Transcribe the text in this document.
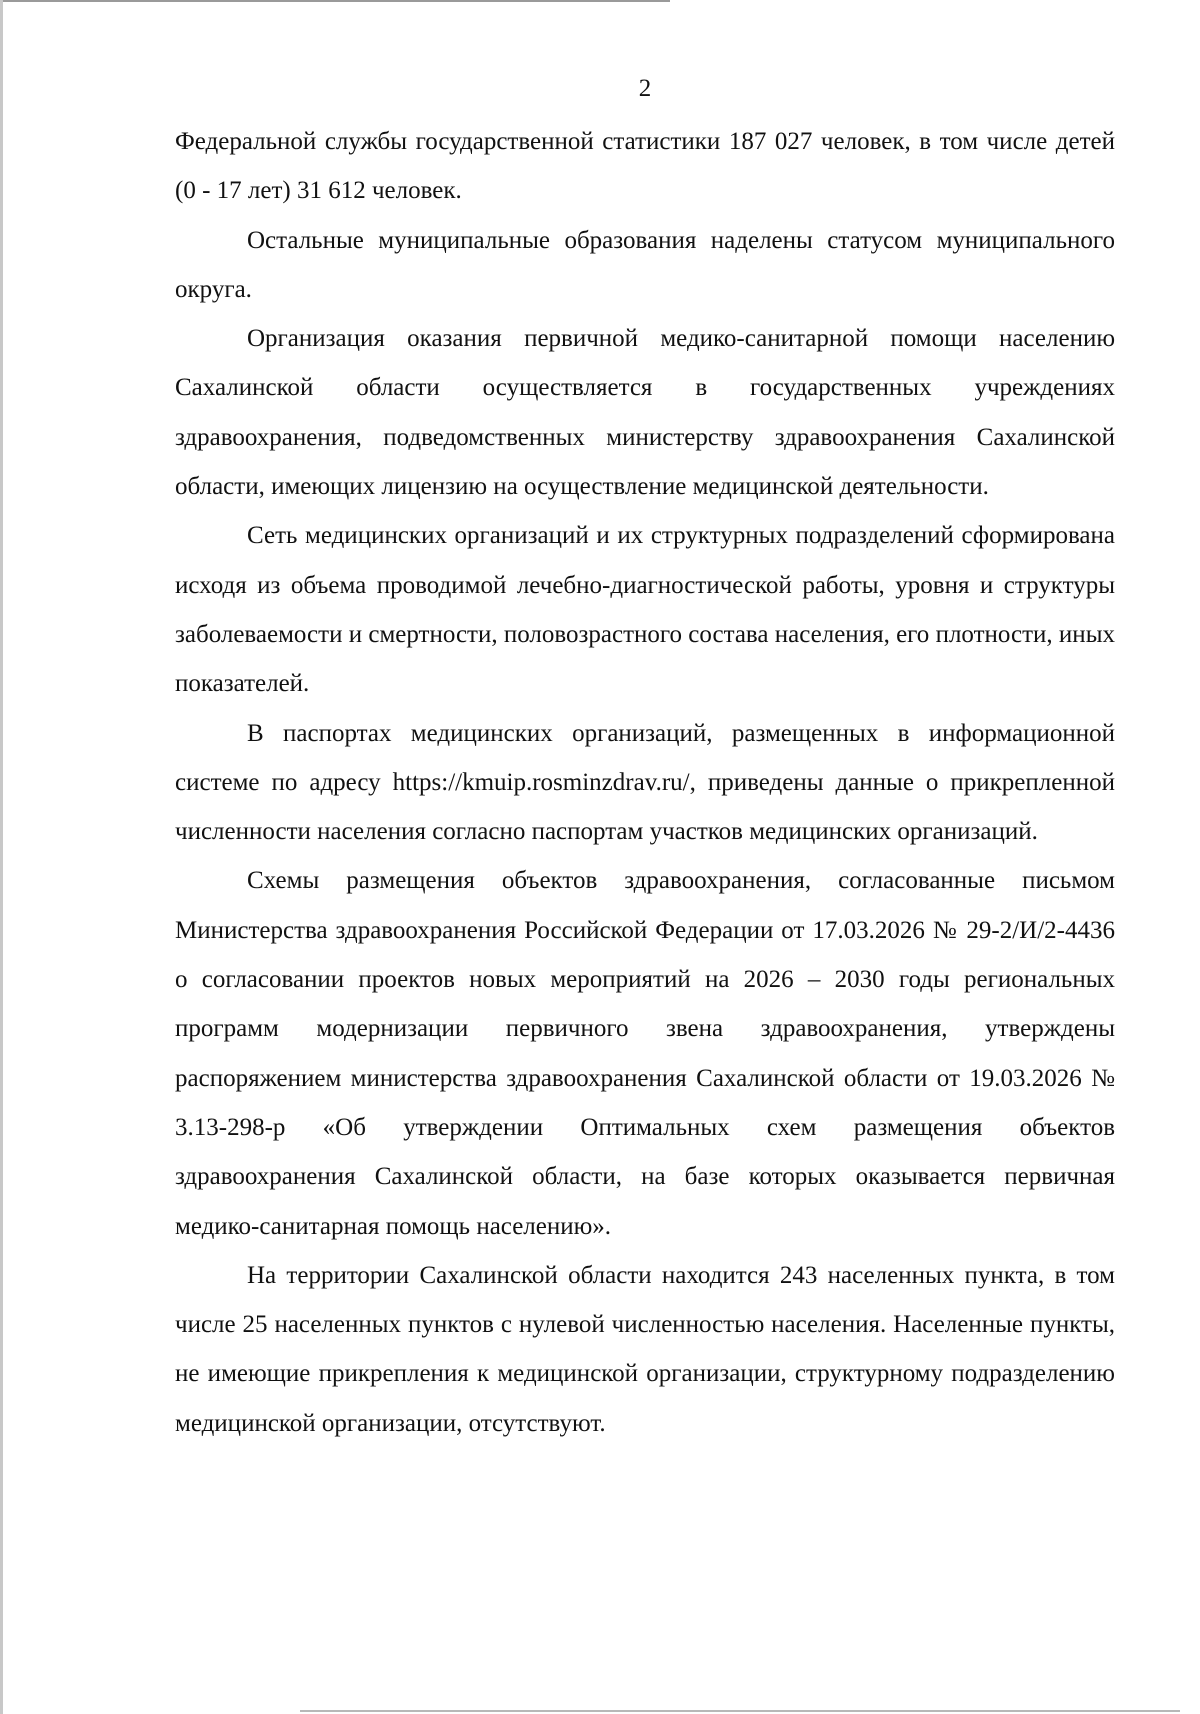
2

Федеральной службы государственной статистики 187 027 человек, в том числе детей (0 - 17 лет) 31 612 человек.

Остальные муниципальные образования наделены статусом муниципального округа.

Организация оказания первичной медико-санитарной помощи населению Сахалинской области осуществляется в государственных учреждениях здравоохранения, подведомственных министерству здравоохранения Сахалинской области, имеющих лицензию на осуществление медицинской деятельности.

Сеть медицинских организаций и их структурных подразделений сформирована исходя из объема проводимой лечебно-диагностической работы, уровня и структуры заболеваемости и смертности, половозрастного состава населения, его плотности, иных показателей.

В паспортах медицинских организаций, размещенных в информационной системе по адресу https://kmuip.rosminzdrav.ru/, приведены данные о прикрепленной численности населения согласно паспортам участков медицинских организаций.

Схемы размещения объектов здравоохранения, согласованные письмом Министерства здравоохранения Российской Федерации от 17.03.2026 № 29-2/И/2-4436 о согласовании проектов новых мероприятий на 2026 – 2030 годы региональных программ модернизации первичного звена здравоохранения, утверждены распоряжением министерства здравоохранения Сахалинской области от 19.03.2026 № 3.13-298-р «Об утверждении Оптимальных схем размещения объектов здравоохранения Сахалинской области, на базе которых оказывается первичная медико-санитарная помощь населению».

На территории Сахалинской области находится 243 населенных пункта, в том числе 25 населенных пунктов с нулевой численностью населения. Населенные пункты, не имеющие прикрепления к медицинской организации, структурному подразделению медицинской организации, отсутствуют.
